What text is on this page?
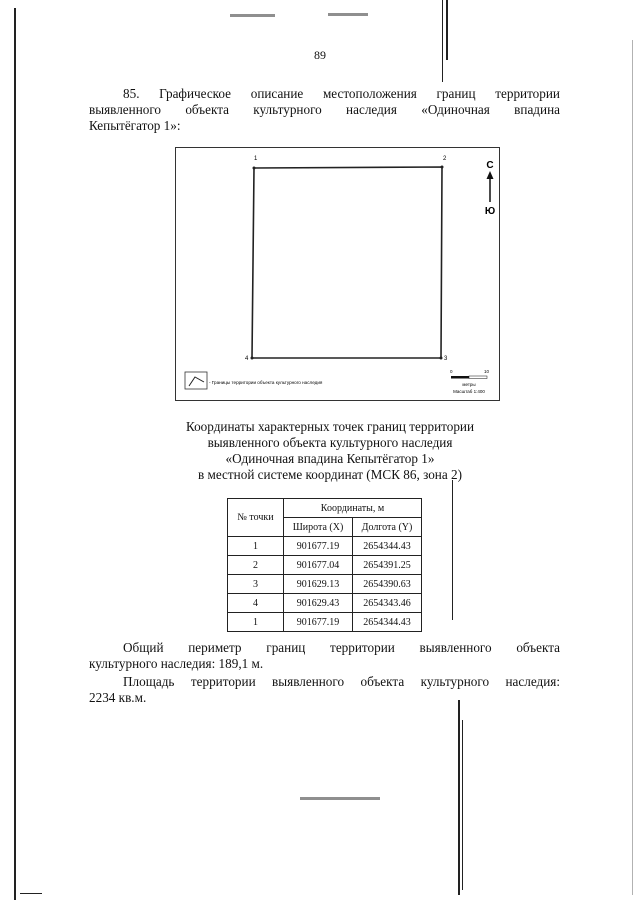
89
85. Графическое описание местоположения границ территории
выявленного объекта культурного наследия «Одиночная впадина
Кепытёгатор 1»:
1	2
3
4
С
Ю
- Границы территории объекта культурного наследия
0	10
метры
Масштаб 1:400
Координаты характерных точек границ территории
выявленного объекта культурного наследия
«Одиночная впадина Кепытёгатор 1»
в местной системе координат (МСК 86, зона 2)
№ точки	Координаты, м	
	Широта (X)	Долгота (Y)
1	901677.19	2654344.43
2	901677.04	2654391.25
3	901629.13	2654390.63
4	901629.43	2654343.46
1	901677.19	2654344.43
Общий периметр границ территории выявленного объекта
культурного наследия: 189,1 м.
Площадь территории выявленного объекта культурного наследия:
2234 кв.м.
